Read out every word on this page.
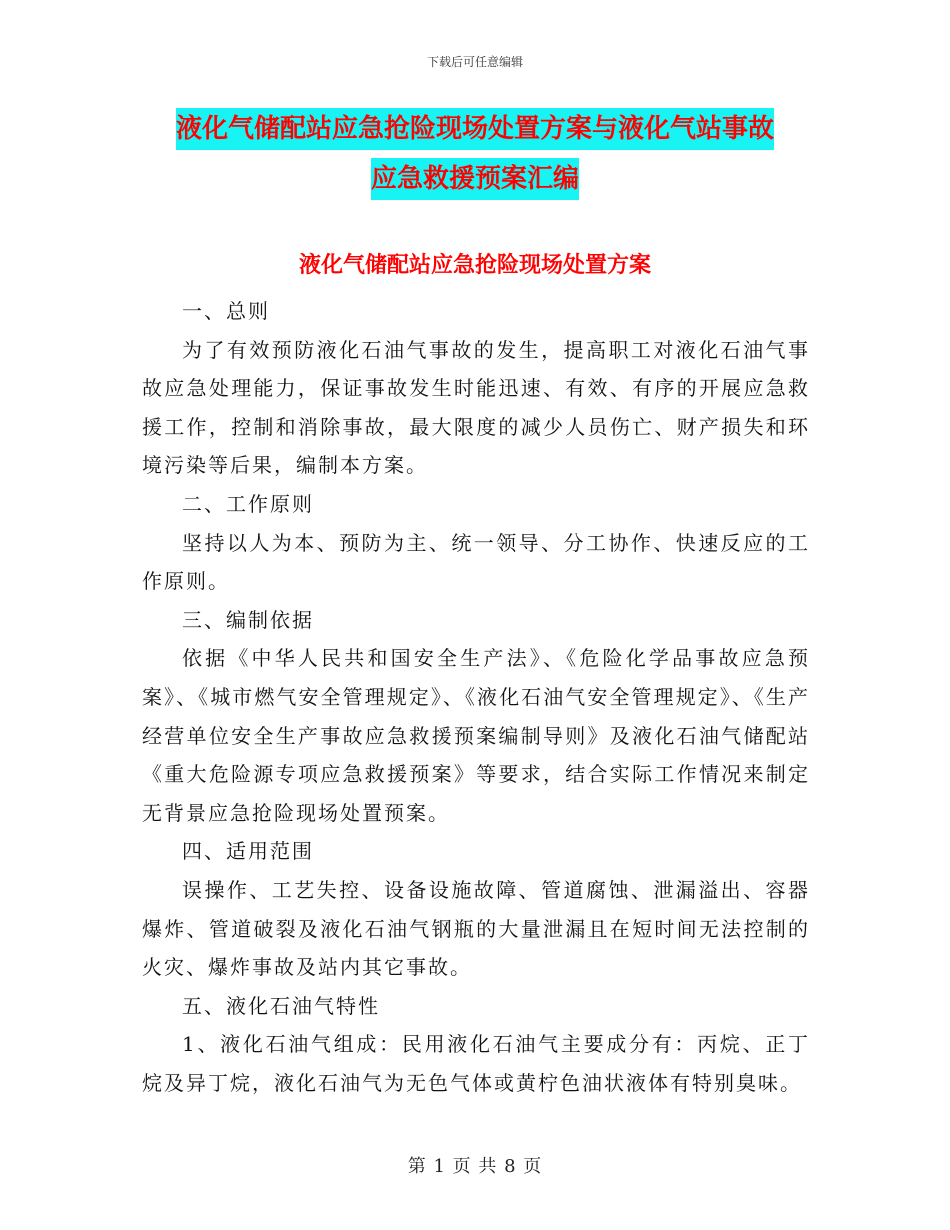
下载后可任意编辑
液化气储配站应急抢险现场处置方案与液化气站事故
应急救援预案汇编
液化气储配站应急抢险现场处置方案

一、总则

为了有效预防液化石油气事故的发生，提高职工对液化石油气事故应急处理能力，保证事故发生时能迅速、有效、有序的开展应急救援工作，控制和消除事故，最大限度的减少人员伤亡、财产损失和环境污染等后果，编制本方案。

二、工作原则

坚持以人为本、预防为主、统一领导、分工协作、快速反应的工作原则。

三、编制依据

依据《中华人民共和国安全生产法》、《危险化学品事故应急预案》、《城市燃气安全管理规定》、《液化石油气安全管理规定》、《生产经营单位安全生产事故应急救援预案编制导则》及液化石油气储配站《重大危险源专项应急救援预案》等要求，结合实际工作情况来制定无背景应急抢险现场处置预案。

四、适用范围

误操作、工艺失控、设备设施故障、管道腐蚀、泄漏溢出、容器爆炸、管道破裂及液化石油气钢瓶的大量泄漏且在短时间无法控制的火灾、爆炸事故及站内其它事故。

五、液化石油气特性

1、液化石油气组成：民用液化石油气主要成分有：丙烷、正丁烷及异丁烷，液化石油气为无色气体或黄柠色油状液体有特别臭味。

第 1 页 共 8 页
